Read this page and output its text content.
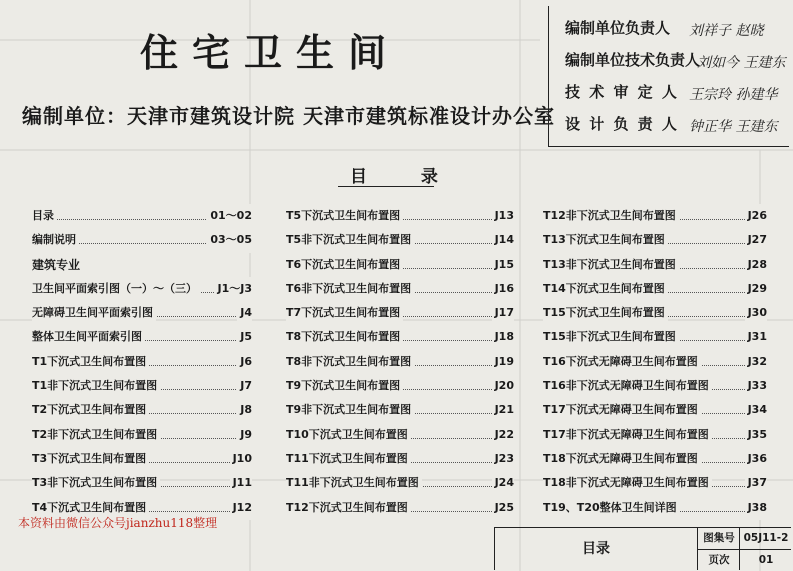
住宅卫生间
编制单位：天津市建筑设计院 天津市建筑标准设计办公室
编制单位负责人 刘祥子 赵晓
编制单位技术负责人
刘如今 王建东
技 术 审 定 人 王宗玲 孙建华
设 计 负 责 人 钟正华 王建东
目 录
目录	01～02
编制说明	03～05
建筑专业
卫生间平面索引图（一）～（三） J1～J3
无障碍卫生间平面索引图	J4
整体卫生间平面索引图	J5
T1下沉式卫生间布置图	J6
T1非下沉式卫生间布置图	J7
T2下沉式卫生间布置图	J8
T2非下沉式卫生间布置图	J9
T3下沉式卫生间布置图	J10
T3非下沉式卫生间布置图	J11
T4下沉式卫生间布置图	J12
T5下沉式卫生间布置图	J13
T5非下沉式卫生间布置图	J14
T6下沉式卫生间布置图	J15
T6非下沉式卫生间布置图	J16
T7下沉式卫生间布置图	J17
T8下沉式卫生间布置图	J18
T8非下沉式卫生间布置图	J19
T9下沉式卫生间布置图	J20
T9非下沉式卫生间布置图	J21
T10下沉式卫生间布置图	J22
T11下沉式卫生间布置图	J23
T11非下沉式卫生间布置图	J24
T12下沉式卫生间布置图	J25
T12非下沉式卫生间布置图	J26
T13下沉式卫生间布置图	J27
T13非下沉式卫生间布置图	J28
T14下沉式卫生间布置图	J29
T15下沉式卫生间布置图	J30
T15非下沉式卫生间布置图	J31
T16下沉式无障碍卫生间布置图	J32
T16非下沉式无障碍卫生间布置图	J33
T17下沉式无障碍卫生间布置图	J34
T17非下沉式无障碍卫生间布置图	J35
T18下沉式无障碍卫生间布置图	J36
T18非下沉式无障碍卫生间布置图	J37
T19、T20整体卫生间详图	J38
本资料由微信公众号jianzhu118整理
目录
图集号 05J11-2
页次	01
